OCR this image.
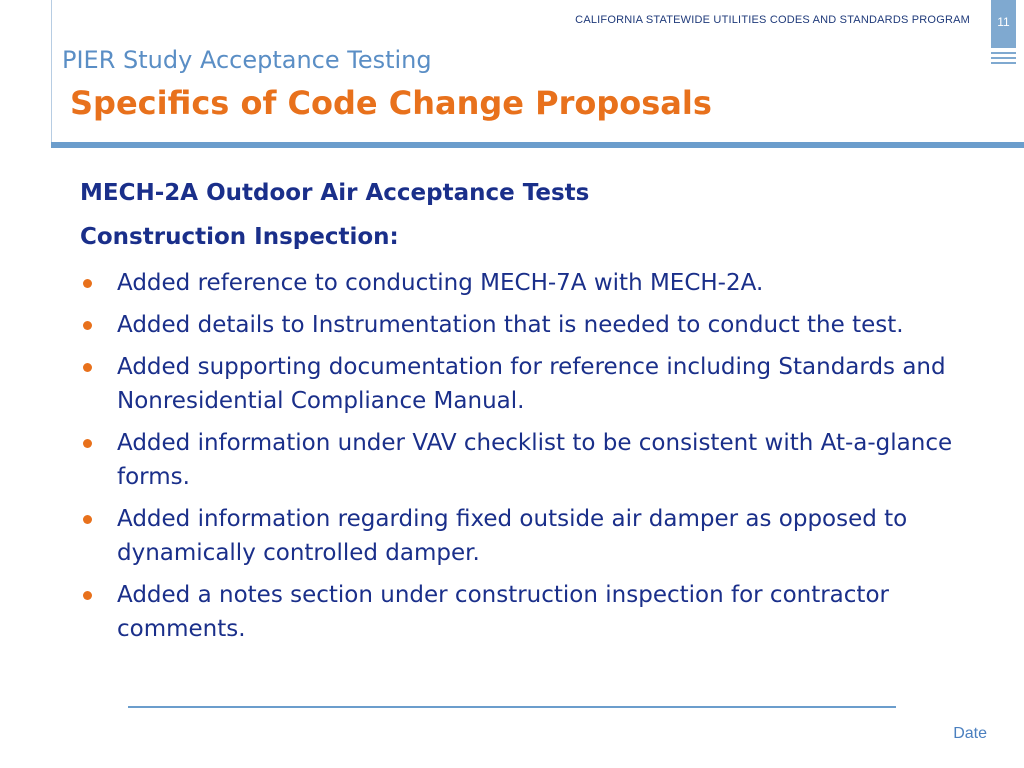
CALIFORNIA STATEWIDE UTILITIES CODES AND STANDARDS PROGRAM	11
PIER Study Acceptance Testing
Specifics of Code Change Proposals
MECH-2A Outdoor Air Acceptance Tests
Construction Inspection:
Added reference to conducting MECH-7A with MECH-2A.
Added details to Instrumentation that is needed to conduct the test.
Added supporting documentation for reference including Standards and Nonresidential Compliance Manual.
Added information under VAV checklist to be consistent with At-a-glance forms.
Added information regarding fixed outside air damper as opposed to dynamically controlled damper.
Added a notes section under construction inspection for contractor comments.
Date
